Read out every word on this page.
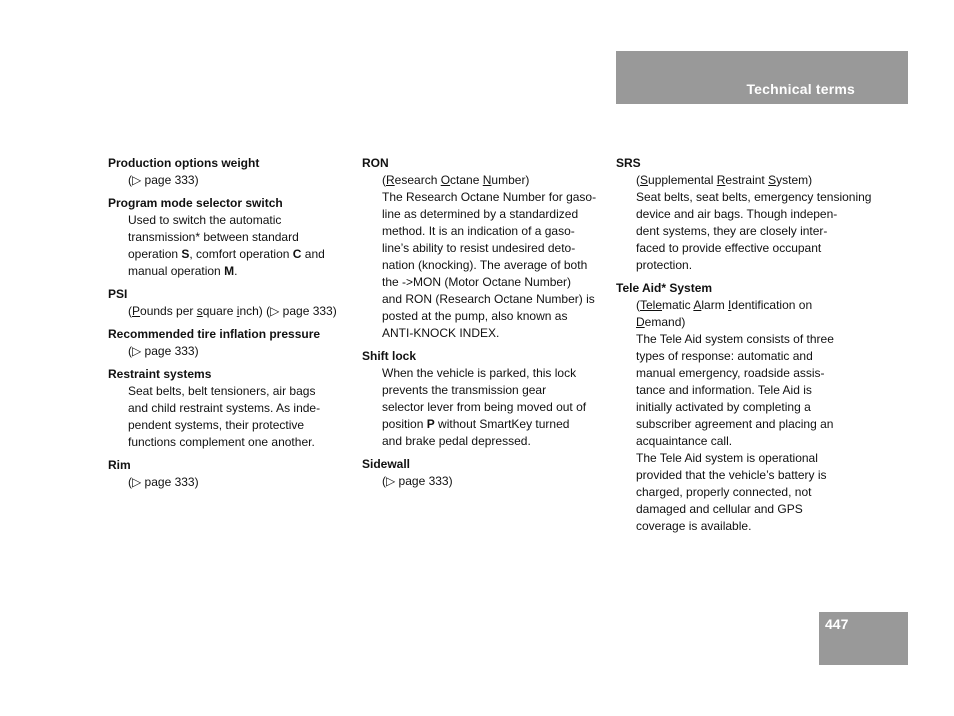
Technical terms
Production options weight
(▷ page 333)
Program mode selector switch
Used to switch the automatic
transmission* between standard
operation S, comfort operation C and
manual operation M.
PSI
(Pounds per square inch) (▷ page 333)
Recommended tire inflation pressure
(▷ page 333)
Restraint systems
Seat belts, belt tensioners, air bags
and child restraint systems. As inde-
pendent systems, their protective
functions complement one another.
Rim
(▷ page 333)
RON
(Research Octane Number)
The Research Octane Number for gaso-
line as determined by a standardized
method. It is an indication of a gaso-
line’s ability to resist undesired deto-
nation (knocking). The average of both
the ->MON (Motor Octane Number)
and RON (Research Octane Number) is
posted at the pump, also known as
ANTI-KNOCK INDEX.
Shift lock
When the vehicle is parked, this lock
prevents the transmission gear
selector lever from being moved out of
position P without SmartKey turned
and brake pedal depressed.
Sidewall
(▷ page 333)
SRS
(Supplemental Restraint System)
Seat belts, seat belts, emergency tensioning
device and air bags. Though indepen-
dent systems, they are closely inter-
faced to provide effective occupant
protection.
Tele Aid* System
(Telematic Alarm Identification on
Demand)
The Tele Aid system consists of three
types of response: automatic and
manual emergency, roadside assis-
tance and information. Tele Aid is
initially activated by completing a
subscriber agreement and placing an
acquaintance call.
The Tele Aid system is operational
provided that the vehicle’s battery is
charged, properly connected, not
damaged and cellular and GPS
coverage is available.
447
